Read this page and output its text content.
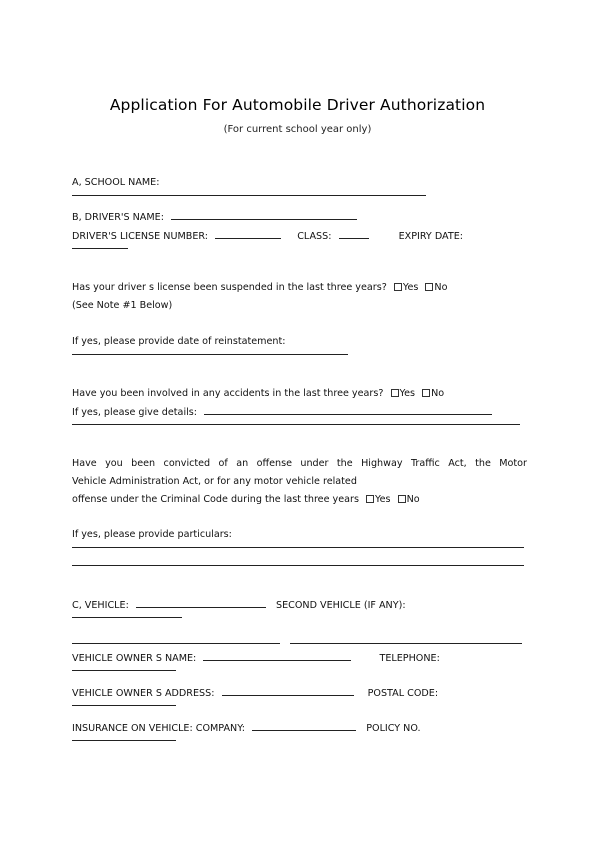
Application For Automobile Driver Authorization
(For current school year only)
A, SCHOOL NAME:
B, DRIVER'S NAME:
DRIVER'S LICENSE NUMBER:	CLASS:	EXPIRY DATE:
Has your driver s license been suspended in the last three years? Yes No
(See Note #1 Below)
If yes, please provide date of reinstatement:
Have you been involved in any accidents in the last three years? Yes No
If yes, please give details:
Have you been convicted of an offense under the Highway Traffic Act, the Motor
Vehicle Administration Act, or for any motor vehicle related
offense under the Criminal Code during the last three years Yes No
If yes, please provide particulars:
C, VEHICLE:	SECOND VEHICLE (IF ANY):

VEHICLE OWNER S NAME:	TELEPHONE:
VEHICLE OWNER S ADDRESS:	POSTAL CODE:
INSURANCE ON VEHICLE: COMPANY:	POLICY NO.
